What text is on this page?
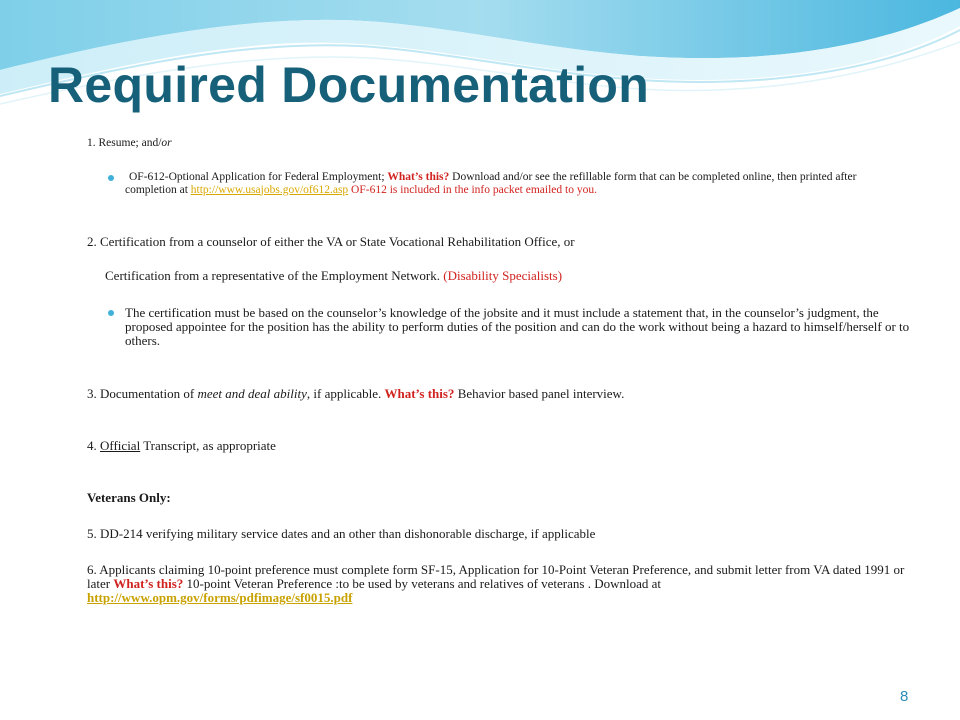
Required Documentation
1. Resume; and/or
OF-612-Optional Application for Federal Employment; What’s this? Download and/or see the refillable form that can be completed online, then printed after completion at http://www.usajobs.gov/of612.asp OF-612 is included in the info packet emailed to you.
2. Certification from a counselor of either the VA or State Vocational Rehabilitation Office, or
Certification from a representative of the Employment Network. (Disability Specialists)
The certification must be based on the counselor’s knowledge of the jobsite and it must include a statement that, in the counselor’s judgment, the proposed appointee for the position has the ability to perform duties of the position and can do the work without being a hazard to himself/herself or to others.
3. Documentation of meet and deal ability, if applicable. What’s this? Behavior based panel interview.
4. Official Transcript, as appropriate
Veterans Only:
5. DD-214 verifying military service dates and an other than dishonorable discharge, if applicable
6. Applicants claiming 10-point preference must complete form SF-15, Application for 10-Point Veteran Preference, and submit letter from VA dated 1991 or later What’s this? 10-point Veteran Preference :to be used by veterans and relatives of veterans . Download at http://www.opm.gov/forms/pdfimage/sf0015.pdf
8
